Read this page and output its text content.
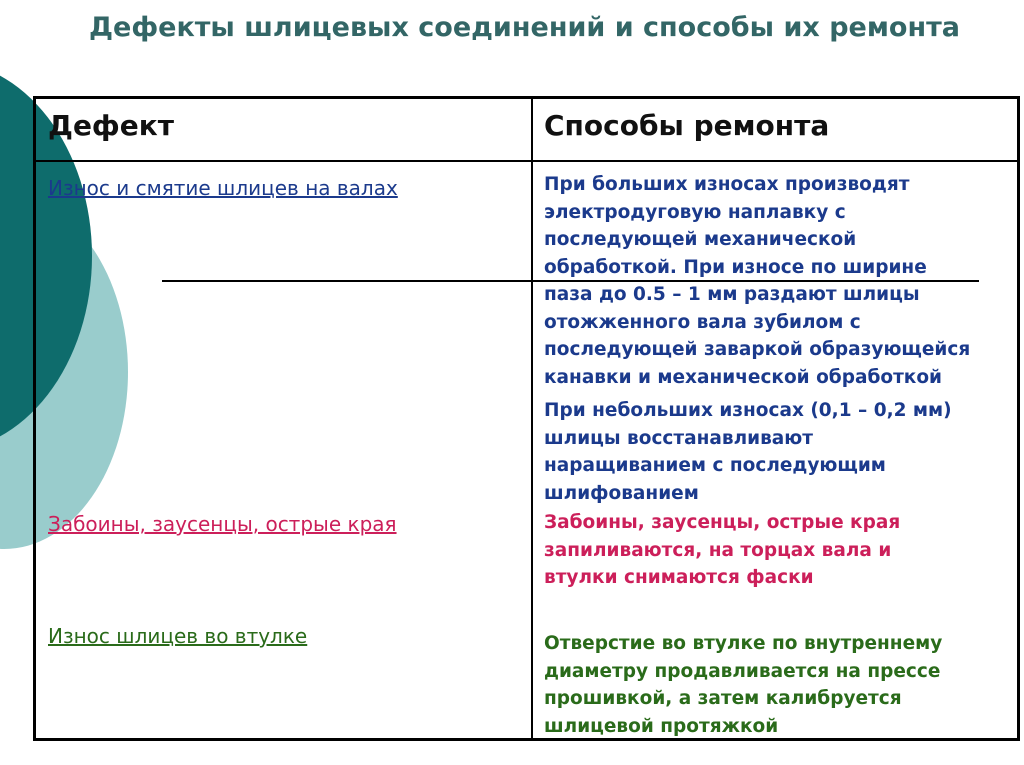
Дефекты шлицевых соединений и способы их ремонта
Дефект	Способы ремонта
Износ и смятие шлицев на валах	При больших износах производят
электродуговую наплавку с
последующей механической
обработкой. При износе по ширине
паза до 0.5 – 1 мм раздают шлицы
отожженного вала зубилом с
последующей заваркой образующейся
канавки и механической обработкой
При небольших износах (0,1 – 0,2 мм)
шлицы восстанавливают
наращиванием с последующим
шлифованием
Забоины, заусенцы, острые края	Забоины, заусенцы, острые края
запиливаются, на торцах вала и
втулки снимаются фаски
Износ шлицев во втулке	Отверстие во втулке по внутреннему
диаметру продавливается на прессе
прошивкой, а затем калибруется
шлицевой протяжкой
